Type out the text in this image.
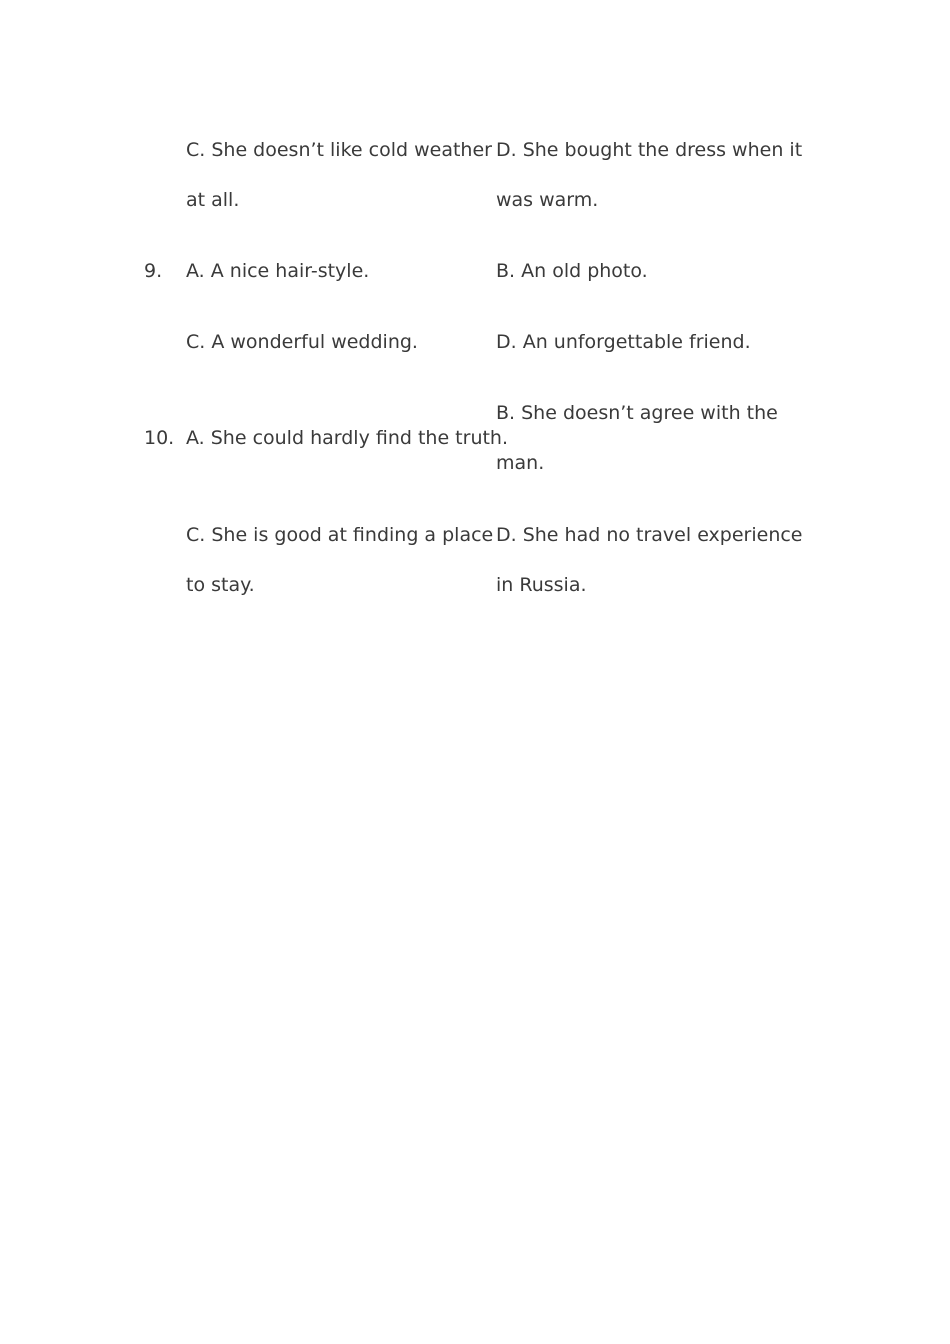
C. She doesn’t like cold weather
at all.
D. She bought the dress when it
was warm.
9. A. A nice hair-style.	B. An old photo.
C. A wonderful wedding.	D. An unforgettable friend.
10. A. She could hardly find the truth.
B. She doesn’t agree with the
man.
C. She is good at finding a place
to stay.
D. She had no travel experience
in Russia.
